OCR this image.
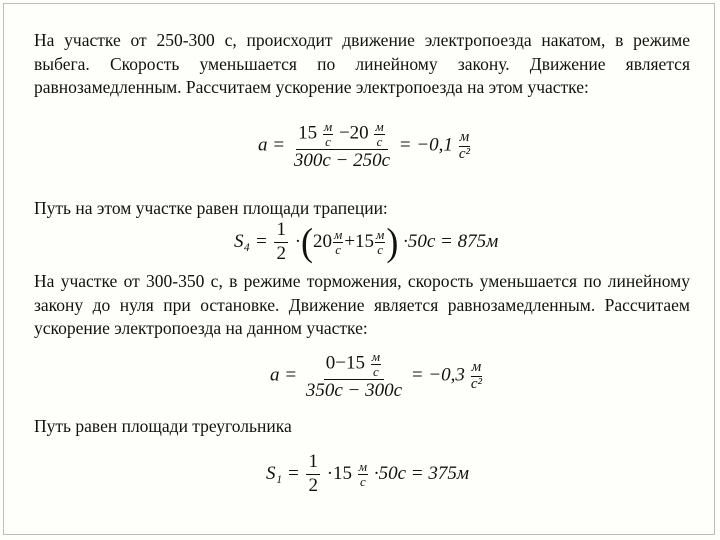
На участке от 250-300 с, происходит движение электропоезда накатом, в режиме выбега. Скорость уменьшается по линейному закону. Движение является равнозамедленным. Рассчитаем ускорение электропоезда на этом участке:

a = 15 м
с −20 м
с
300с − 250с = −0,1 м
с²

Путь на этом участке равен площади трапеции:

$S_4 = \frac{1}{2} \cdot(20$ м
с +15 м
с ) ·50с = 875м

На участке от 300-350 с, в режиме торможения, скорость уменьшается по линейному закону до нуля при остановке. Движение является равнозамедленным. Рассчитаем ускорение электропоезда на данном участке:

a = 0−15 м
с
350с − 300с = −0,3 м
с²

Путь равен площади треугольника

$S_1 = \frac{1}{2} \cdot 15$ м
с ·50с = 375м
